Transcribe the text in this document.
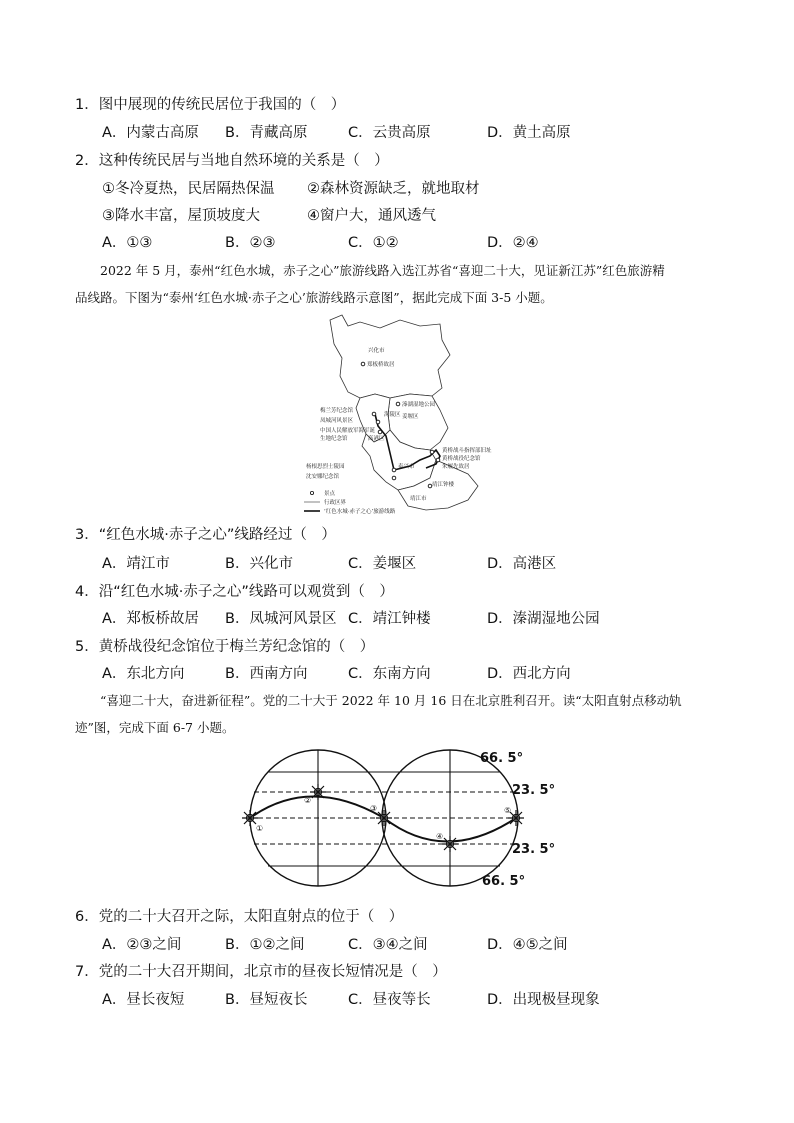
1．图中展现的传统民居位于我国的（　）
A．内蒙古高原 B．青藏高原	C．云贵高原	D．黄土高原
2．这种传统民居与当地自然环境的关系是（　）
①冬冷夏热，民居隔热保温 ②森林资源缺乏，就地取材
③降水丰富，屋顶坡度大	④窗户大，通风透气
A．①③	B．②③	C．①②	D．②④
2022 年 5 月，泰州“红色水城，赤子之心”旅游线路入选江苏省“喜迎二十大，见证新江苏”红色旅游精
品线路。下图为“泰州‘红色水城·赤子之心’旅游线路示意图”，据此完成下面 3-5 小题。
兴化市
郑板桥故居
溱湖湿地公园
姜堰区
梅兰芳纪念馆
凤城河风景区
中国人民解放军海军诞
生地纪念馆
海陵区
高港区
黄桥战斗指挥部旧址
黄桥战役纪念馆
朱履先故居
杨根思烈士陵园
沈安娜纪念馆
泰兴市
靖江钟楼
靖江市
景点
行政区界
‘红色水城·赤子之心’旅游线路
3．“红色水城·赤子之心”线路经过（　）
A．靖江市	B．兴化市	C．姜堰区	D．高港区
4．沿“红色水城·赤子之心”线路可以观赏到（　）
A．郑板桥故居 B．凤城河风景区 C．靖江钟楼	D．溱湖湿地公园
5．黄桥战役纪念馆位于梅兰芳纪念馆的（　）
A．东北方向	B．西南方向	C．东南方向	D．西北方向
“喜迎二十大，奋进新征程”。党的二十大于 2022 年 10 月 16 日在北京胜利召开。读“太阳直射点移动轨
迹”图，完成下面 6-7 小题。
①
②
③
④
⑤
66. 5°
23. 5°
23. 5°
66. 5°
6．党的二十大召开之际，太阳直射点的位于（　）
A．②③之间	B．①②之间	C．③④之间	D．④⑤之间
7．党的二十大召开期间，北京市的昼夜长短情况是（　）
A．昼长夜短	B．昼短夜长	C．昼夜等长	D．出现极昼现象
